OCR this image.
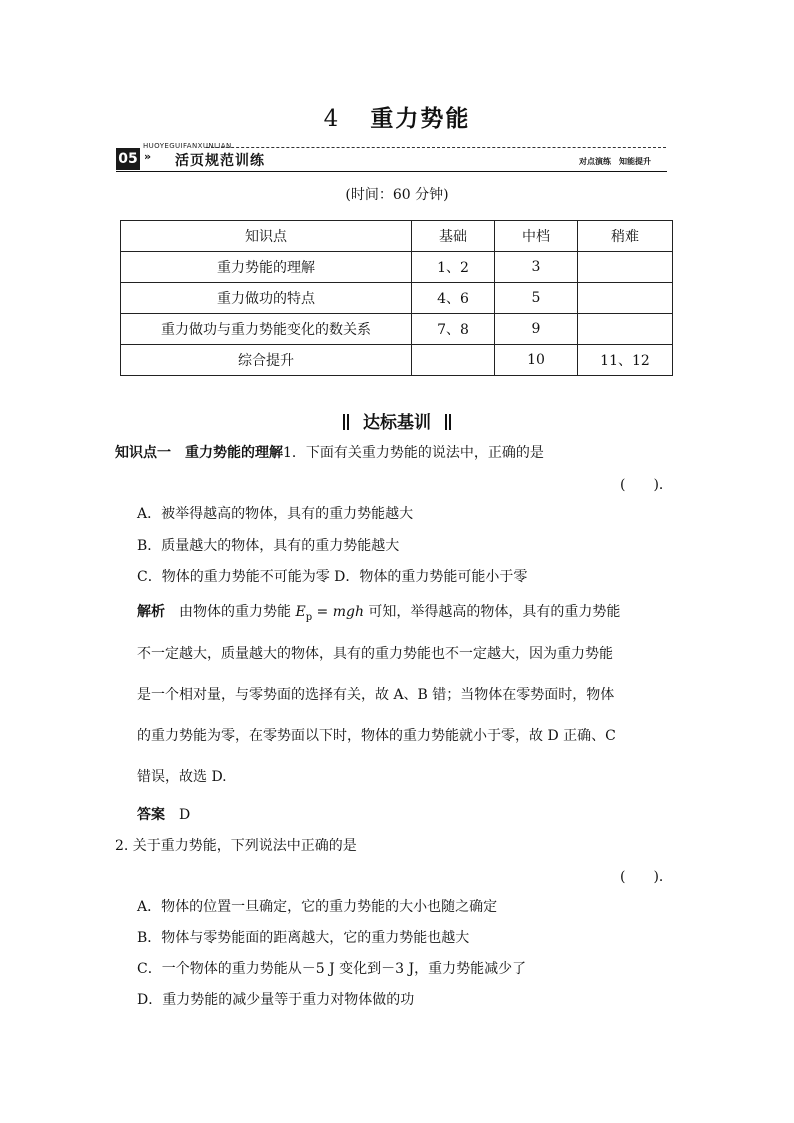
4 重力势能
HUOYEGUIFANXUNLIAN
05 » 活页规范训练	对点演练　知能提升
(时间：60 分钟)
知识点	基础	中档	稍难
重力势能的理解	1、2	3	
重力做功的特点	4、6	5	
重力做功与重力势能变化的数关系	7、8	9	
综合提升		10	11、12
达标基训
知识点一　重力势能的理解1．下面有关重力势能的说法中，正确的是
(　　)．
A．被举得越高的物体，具有的重力势能越大
B．质量越大的物体，具有的重力势能越大
C．物体的重力势能不可能为零 D．物体的重力势能可能小于零
解析　由物体的重力势能 $E_p$ = mgh 可知，举得越高的物体，具有的重力势能
不一定越大，质量越大的物体，具有的重力势能也不一定越大，因为重力势能
是一个相对量，与零势面的选择有关，故 A、B 错；当物体在零势面时，物体
的重力势能为零，在零势面以下时，物体的重力势能就小于零，故 D 正确、C
错误，故选 D.
答案　D
2. 关于重力势能，下列说法中正确的是
(　　)．
A．物体的位置一旦确定，它的重力势能的大小也随之确定
B．物体与零势能面的距离越大，它的重力势能也越大
C．一个物体的重力势能从－5 J 变化到－3 J，重力势能减少了
D．重力势能的减少量等于重力对物体做的功
